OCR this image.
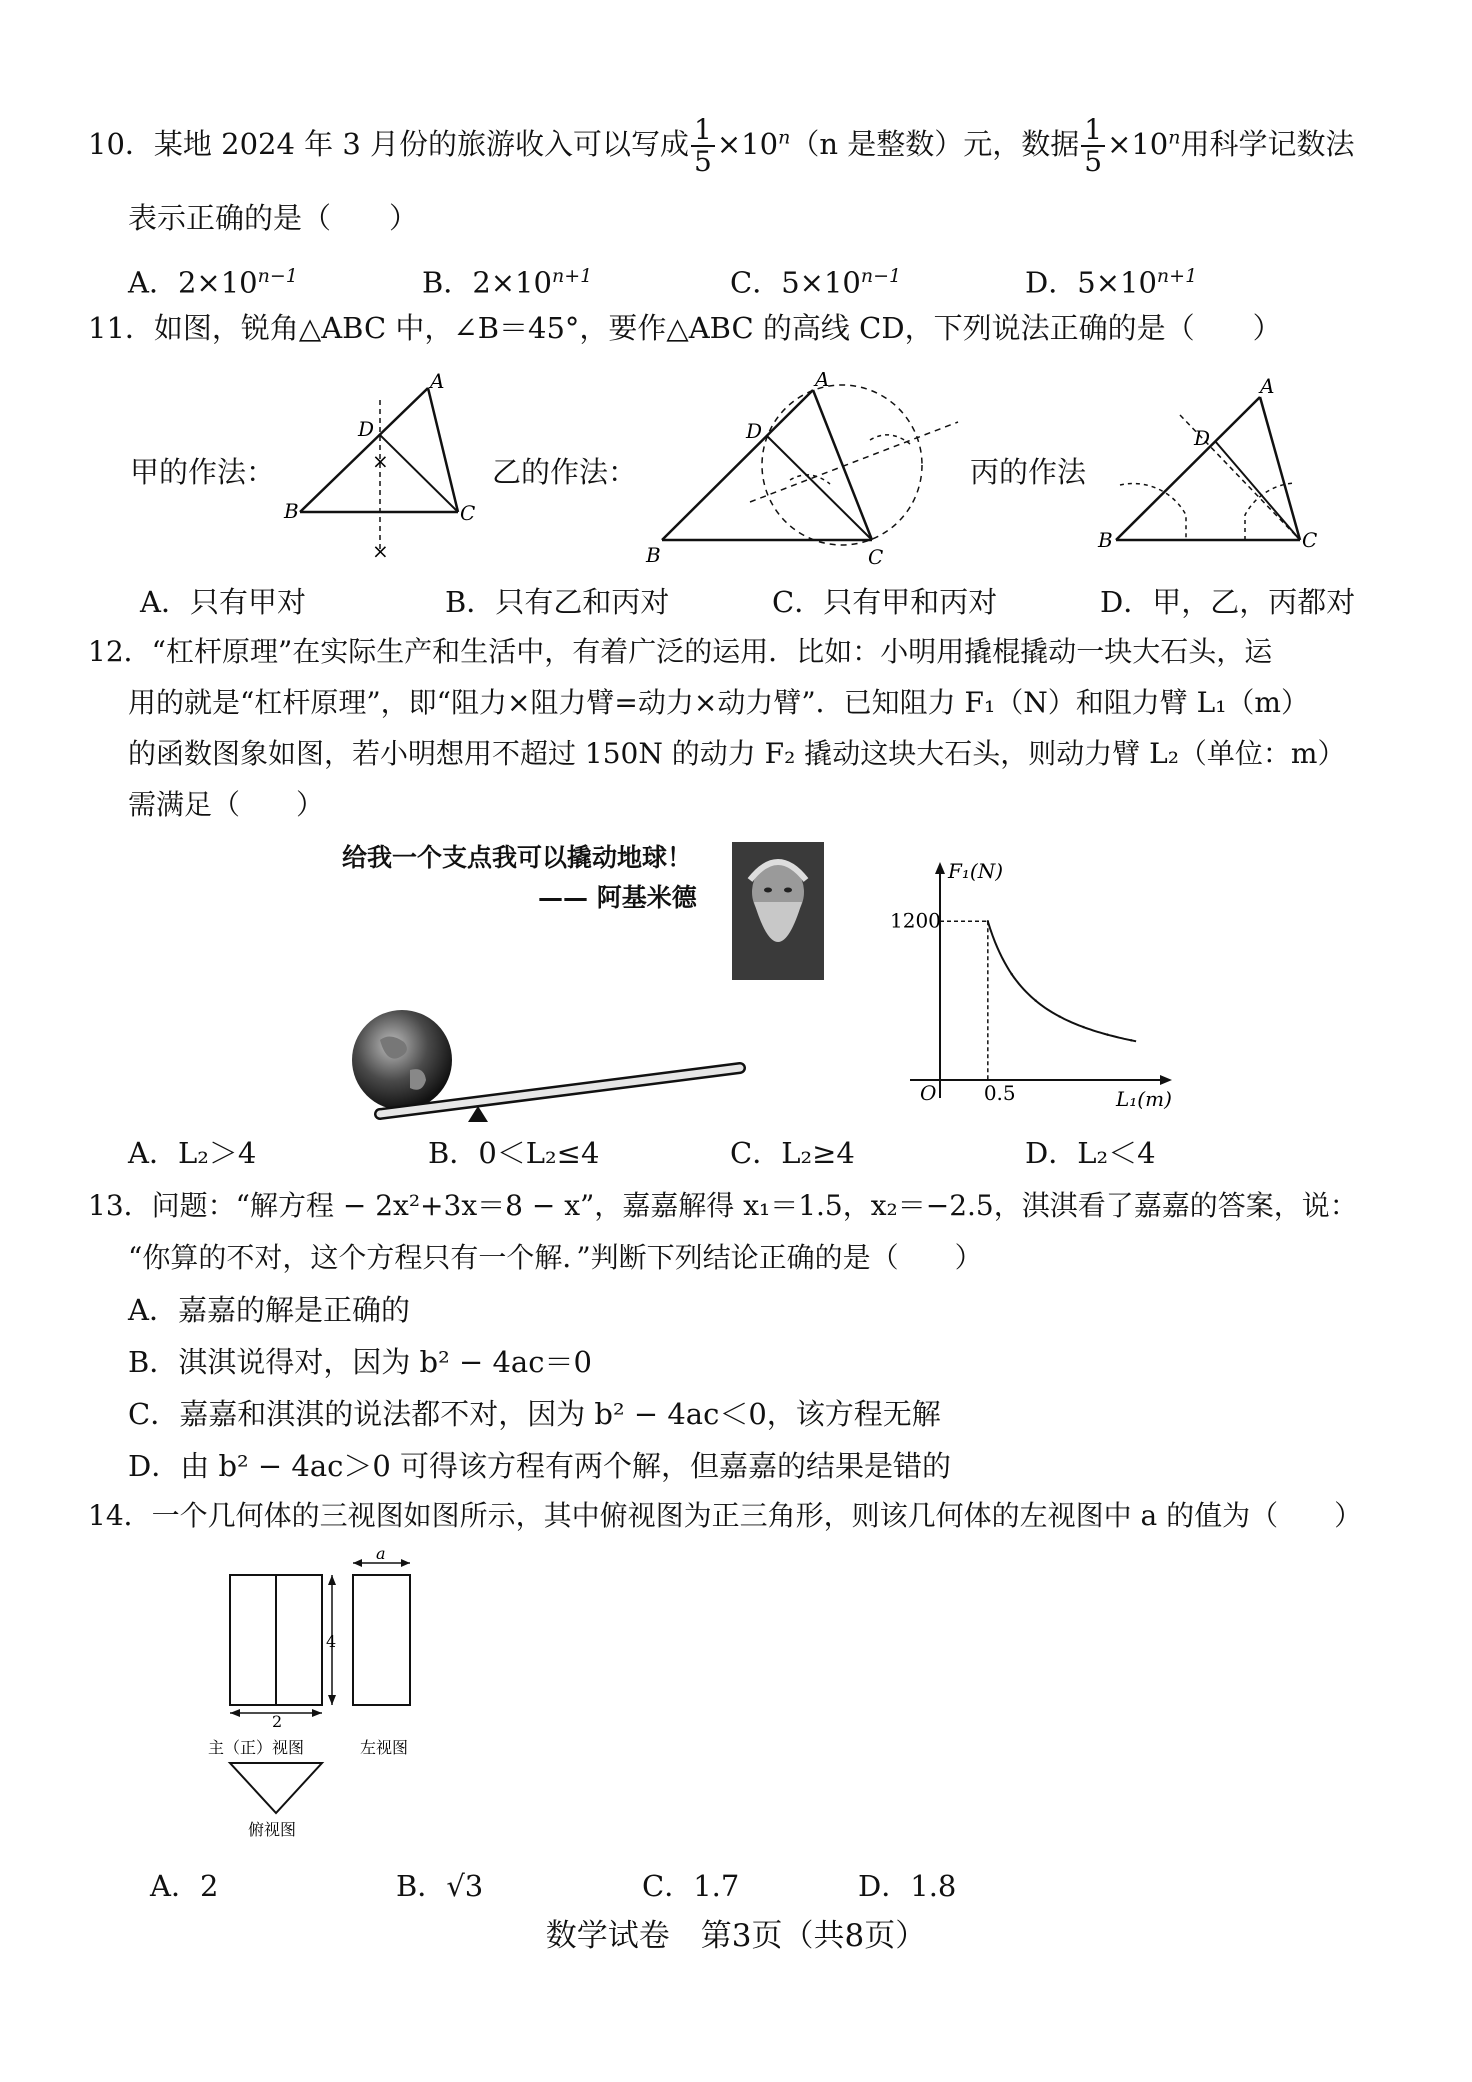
10．某地 2024 年 3 月份的旅游收入可以写成 $\frac{1}{5} \times 10^n(n$ 是整数）元，数据 $\frac{1}{5} \times 10^n$用科学记数法
表示正确的是（　　）
A．$2\times 10^{n-1}$	B．$2\times 10^{n+1}$	C．$5\times 10^{n-1}$	D．$5\times 10^{n+1}$
11．如图，锐角△ABC 中，∠B＝45°，要作△ABC 的高线 CD，下列说法正确的是（　　）
甲的作法：	×
×
A
B	C
D
乙的作法：
A
B	C
D
丙的作法
A
B	C
D
A．只有甲对	B．只有乙和丙对	C．只有甲和丙对	D．甲，乙，丙都对
12．“杠杆原理”在实际生产和生活中，有着广泛的运用．比如：小明用撬棍撬动一块大石头，运
用的就是“杠杆原理”，即“阻力×阻力臂=动力×动力臂”．已知阻力 F₁（N）和阻力臂 L₁（m）
的函数图象如图，若小明想用不超过 150N 的动力 F₂ 撬动这块大石头，则动力臂 L₂（单位：m）
需满足（　　）
给我一个支点我可以撬动地球！
—— 阿基米德
F₁(N)
L₁(m)
O 0.5
1200
A．L₂＞4	B．0＜L₂≤4	C．L₂≥4	D．L₂＜4
13．问题：“解方程 − 2x²+3x＝8 − x”，嘉嘉解得 x₁＝1.5，x₂＝−2.5，淇淇看了嘉嘉的答案，说：
“你算的不对，这个方程只有一个解．”判断下列结论正确的是（　　）
A．嘉嘉的解是正确的
B．淇淇说得对，因为 b² − 4ac＝0
C．嘉嘉和淇淇的说法都不对，因为 b² − 4ac＜0，该方程无解
D．由 b² − 4ac＞0 可得该方程有两个解，但嘉嘉的结果是错的
14．一个几何体的三视图如图所示，其中俯视图为正三角形，则该几何体的左视图中 a 的值为（　　）
4
2
a
主（正）视图	左视图
俯视图
A．2	B．√3	C．1.7	D．1.8
数学试卷　第3页（共8页）
